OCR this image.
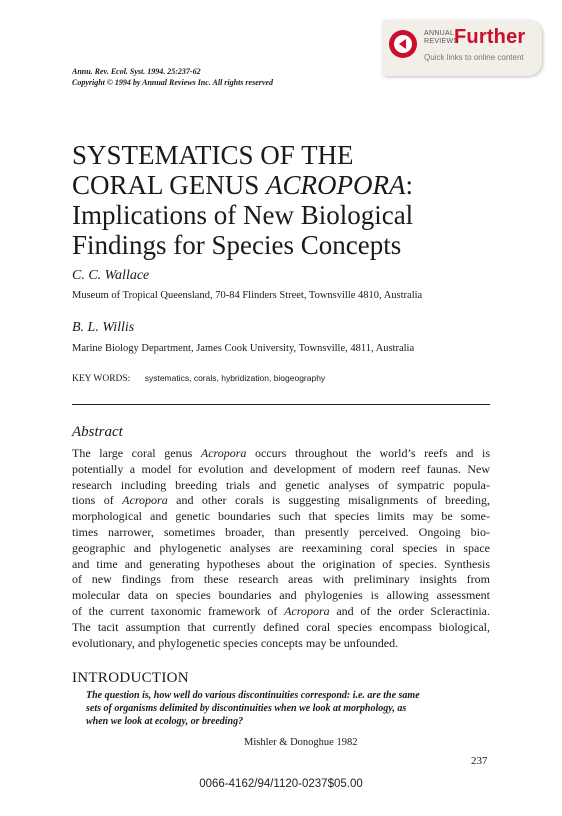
ANNUAL
REVIEWS
Further
Quick links to online content
Annu. Rev. Ecol. Syst. 1994. 25:237-62
Copyright © 1994 by Annual Reviews Inc. All rights reserved
SYSTEMATICS OF THE
CORAL GENUS ACROPORA:
Implications of New Biological
Findings for Species Concepts
C. C. Wallace
Museum of Tropical Queensland, 70-84 Flinders Street, Townsville 4810, Australia
B. L. Willis
Marine Biology Department, James Cook University, Townsville, 4811, Australia
KEY WORDS: systematics, corals, hybridization, biogeography
Abstract
The large coral genus Acropora occurs throughout the world’s reefs and is
potentially a model for evolution and development of modern reef faunas. New
research including breeding trials and genetic analyses of sympatric popula-
tions of Acropora and other corals is suggesting misalignments of breeding,
morphological and genetic boundaries such that species limits may be some-
times narrower, sometimes broader, than presently perceived. Ongoing bio-
geographic and phylogenetic analyses are reexamining coral species in space
and time and generating hypotheses about the origination of species. Synthesis
of new findings from these research areas with preliminary insights from
molecular data on species boundaries and phylogenies is allowing assessment
of the current taxonomic framework of Acropora and of the order Scleractinia.
The tacit assumption that currently defined coral species encompass biological,
evolutionary, and phylogenetic species concepts may be unfounded.
INTRODUCTION
The question is, how well do various discontinuities correspond: i.e. are the same
sets of organisms delimited by discontinuities when we look at morphology, as
when we look at ecology, or breeding?
Mishler & Donoghue 1982
237
0066-4162/94/1120-0237$05.00
